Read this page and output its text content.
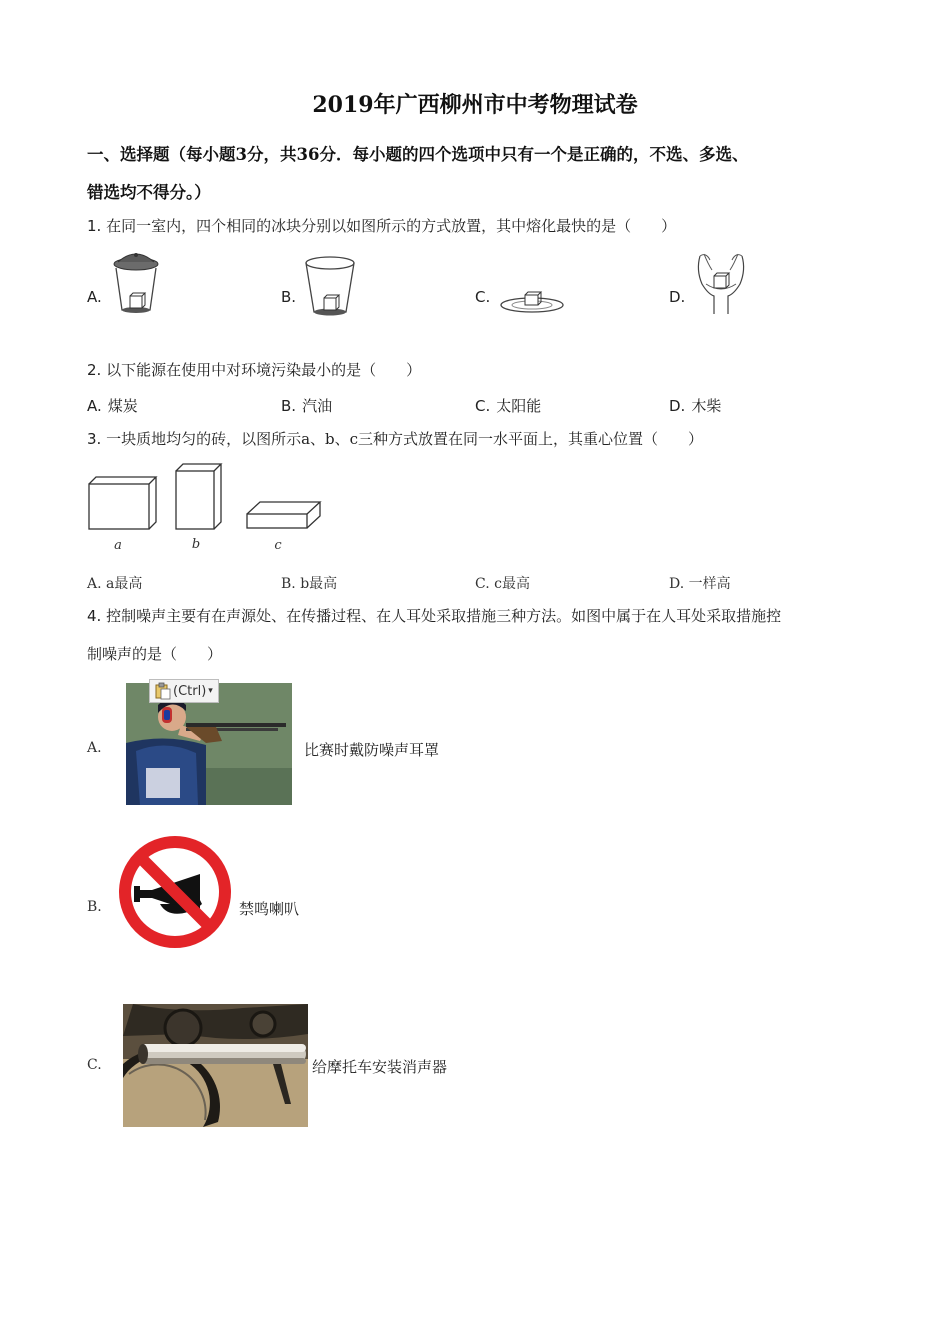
2019年广西柳州市中考物理试卷
一、选择题（每小题3分，共36分．每小题的四个选项中只有一个是正确的，不选、多选、
错选均不得分。）
1. 在同一室内，四个相同的冰块分别以如图所示的方式放置，其中熔化最快的是（　　）
A.	B.	C.	D.
2. 以下能源在使用中对环境污染最小的是（　　）
A. 煤炭	B. 汽油	C. 太阳能	D. 木柴
3. 一块质地均匀的砖，以图所示a、b、c三种方式放置在同一水平面上，其重心位置（　　）
a	b	c
A. a最高	B. b最高	C. c最高	D. 一样高
4. 控制噪声主要有在声源处、在传播过程、在人耳处采取措施三种方法。如图中属于在人耳处采取措施控
制噪声的是（　　）
A.
(Ctrl) ▾
比赛时戴防噪声耳罩
B.	禁鸣喇叭
C.	给摩托车安装消声器
